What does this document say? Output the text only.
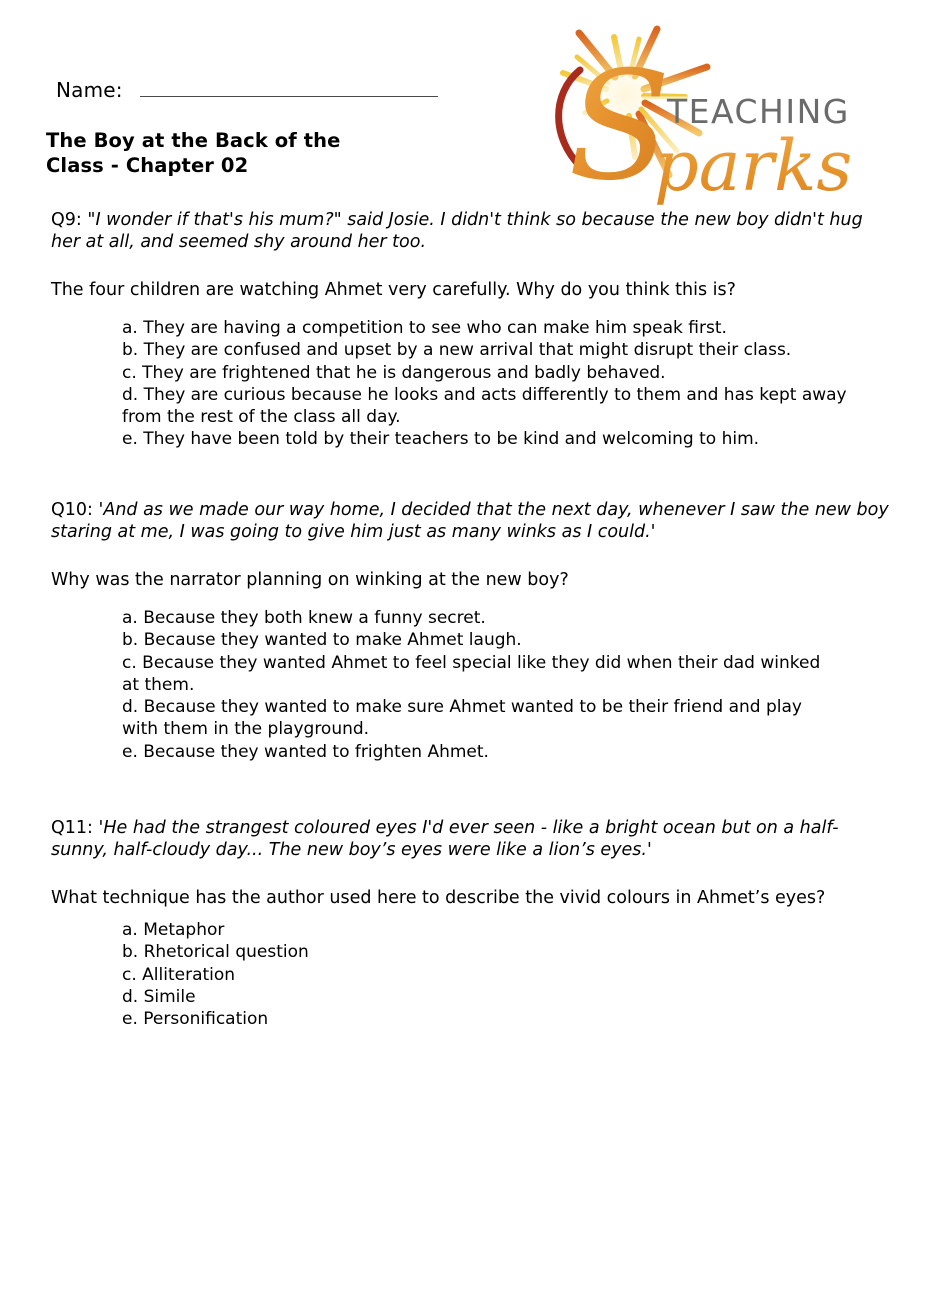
Name:
The Boy at the Back of the
Class - Chapter 02	S
TEACHING
parks

Q9: "I wonder if that's his mum?" said Josie. I didn't think so because the new boy didn't hug her at all, and seemed shy around her too.

The four children are watching Ahmet very carefully. Why do you think this is?

a. They are having a competition to see who can make him speak first.
b. They are confused and upset by a new arrival that might disrupt their class.
c. They are frightened that he is dangerous and badly behaved.
d. They are curious because he looks and acts differently to them and has kept away from the rest of the class all day.
e. They have been told by their teachers to be kind and welcoming to him.

Q10: 'And as we made our way home, I decided that the next day, whenever I saw the new boy staring at me, I was going to give him just as many winks as I could.'

Why was the narrator planning on winking at the new boy?

a. Because they both knew a funny secret.
b. Because they wanted to make Ahmet laugh.
c. Because they wanted Ahmet to feel special like they did when their dad winked at them.
d. Because they wanted to make sure Ahmet wanted to be their friend and play with them in the playground.
e. Because they wanted to frighten Ahmet.

Q11: 'He had the strangest coloured eyes I'd ever seen - like a bright ocean but on a half-sunny, half-cloudy day... The new boy’s eyes were like a lion’s eyes.'

What technique has the author used here to describe the vivid colours in Ahmet’s eyes?

a. Metaphor
b. Rhetorical question
c. Alliteration
d. Simile
e. Personification
